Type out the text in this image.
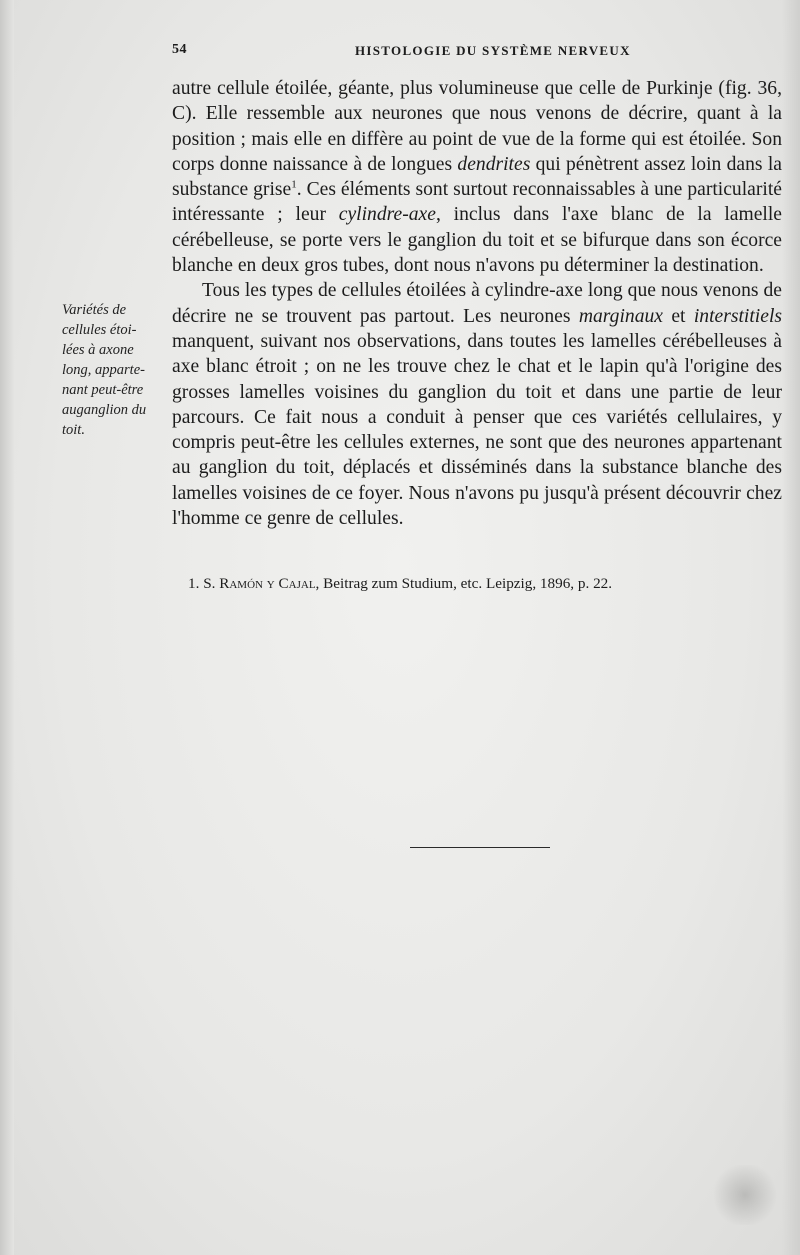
54	HISTOLOGIE DU SYSTÈME NERVEUX
Variétés de
cellules étoi-
lées à axone
long, apparte-
nant peut-être
auganglion du
toit.

autre cellule étoilée, géante, plus volumineuse que celle de Purkinje (fig. 36, C). Elle ressemble aux neurones que nous venons de décrire, quant à la position ; mais elle en diffère au point de vue de la forme qui est étoilée. Son corps donne naissance à de longues dendrites qui pénètrent assez loin dans la substance grise$^1$. Ces éléments sont surtout reconnaissables à une particularité intéressante ; leur cylindre-axe, inclus dans l'axe blanc de la lamelle cérébelleuse, se porte vers le ganglion du toit et se bifurque dans son écorce blanche en deux gros tubes, dont nous n'avons pu déterminer la destination.

Tous les types de cellules étoilées à cylindre-axe long que nous venons de décrire ne se trouvent pas partout. Les neurones marginaux et interstitiels manquent, suivant nos observations, dans toutes les lamelles cérébelleuses à axe blanc étroit ; on ne les trouve chez le chat et le lapin qu'à l'origine des grosses lamelles voisines du ganglion du toit et dans une partie de leur parcours. Ce fait nous a conduit à penser que ces variétés cellulaires, y compris peut-être les cellules externes, ne sont que des neurones appartenant au ganglion du toit, déplacés et disséminés dans la substance blanche des lamelles voisines de ce foyer. Nous n'avons pu jusqu'à présent découvrir chez l'homme ce genre de cellules.

1. S. Ramón y Cajal, Beitrag zum Studium, etc. Leipzig, 1896, p. 22.
